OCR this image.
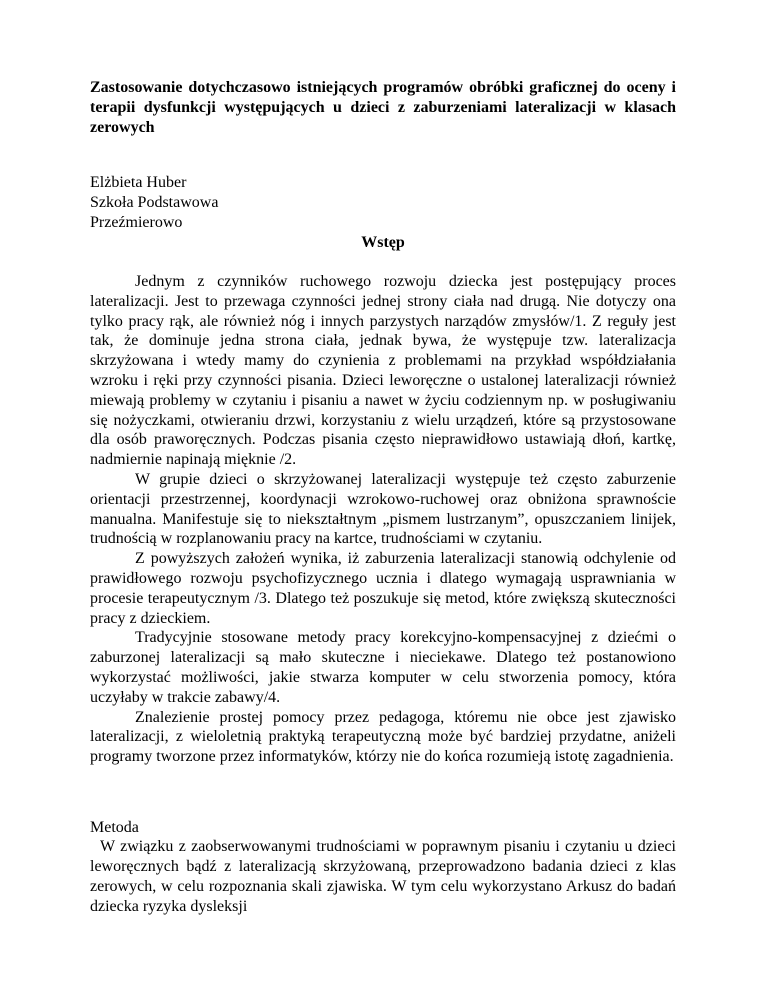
Zastosowanie dotychczasowo istniejących programów obróbki graficznej do oceny i terapii dysfunkcji występujących u dzieci z zaburzeniami lateralizacji w klasach zerowych
Elżbieta Huber
Szkoła Podstawowa
Przeźmierowo
Wstęp

Jednym z czynników ruchowego rozwoju dziecka jest postępujący proces lateralizacji. Jest to przewaga czynności jednej strony ciała nad drugą. Nie dotyczy ona tylko pracy rąk, ale również nóg i innych parzystych narządów zmysłów/1. Z reguły jest tak, że dominuje jedna strona ciała, jednak bywa, że występuje tzw. lateralizacja skrzyżowana i wtedy mamy do czynienia z problemami na przykład współdziałania wzroku i ręki przy czynności pisania. Dzieci leworęczne o ustalonej lateralizacji również miewają problemy w czytaniu i pisaniu a nawet w życiu codziennym np. w posługiwaniu się nożyczkami, otwieraniu drzwi, korzystaniu z wielu urządzeń, które są przystosowane dla osób praworęcznych. Podczas pisania często nieprawidłowo ustawiają dłoń, kartkę, nadmiernie napinają mięknie /2.

W grupie dzieci o skrzyżowanej lateralizacji występuje też często zaburzenie orientacji przestrzennej, koordynacji wzrokowo-ruchowej oraz obniżona sprawnoście manualna. Manifestuje się to niekształtnym „pismem lustrzanym”, opuszczaniem linijek, trudnością w rozplanowaniu pracy na kartce, trudnościami w czytaniu.

Z powyższych założeń wynika, iż zaburzenia lateralizacji stanowią odchylenie od prawidłowego rozwoju psychofizycznego ucznia i dlatego wymagają usprawniania w procesie terapeutycznym /3. Dlatego też poszukuje się metod, które zwiększą skuteczności pracy z dzieckiem.

Tradycyjnie stosowane metody pracy korekcyjno-kompensacyjnej z dziećmi o zaburzonej lateralizacji są mało skuteczne i nieciekawe. Dlatego też postanowiono wykorzystać możliwości, jakie stwarza komputer w celu stworzenia pomocy, która uczyłaby w trakcie zabawy/4.

Znalezienie prostej pomocy przez pedagoga, któremu nie obce jest zjawisko lateralizacji, z wieloletnią praktyką terapeutyczną może być bardziej przydatne, aniżeli programy tworzone przez informatyków, którzy nie do końca rozumieją istotę zagadnienia.

Metoda

W związku z zaobserwowanymi trudnościami w poprawnym pisaniu i czytaniu u dzieci leworęcznych bądź z lateralizacją skrzyżowaną, przeprowadzono badania dzieci z klas zerowych, w celu rozpoznania skali zjawiska. W tym celu wykorzystano Arkusz do badań dziecka ryzyka dysleksji
